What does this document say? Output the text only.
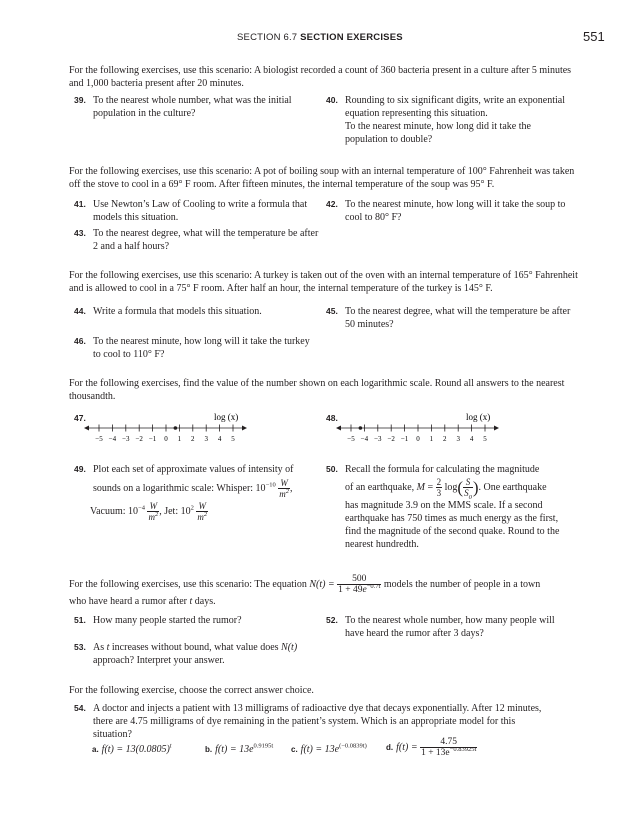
SECTION 6.7 SECTION EXERCISES	551
For the following exercises, use this scenario: A biologist recorded a count of 360 bacteria present in a culture after 5 minutes and 1,000 bacteria present after 20 minutes.
39. To the nearest whole number, what was the initial population in the culture?
40. Rounding to six significant digits, write an exponential equation representing this situation.
To the nearest minute, how long did it take the population to double?
For the following exercises, use this scenario: A pot of boiling soup with an internal temperature of 100° Fahrenheit was taken off the stove to cool in a 69° F room. After fifteen minutes, the internal temperature of the soup was 95° F.
41. Use Newton’s Law of Cooling to write a formula that models this situation.
42. To the nearest minute, how long will it take the soup to cool to 80° F?
43. To the nearest degree, what will the temperature be after 2 and a half hours?
For the following exercises, use this scenario: A turkey is taken out of the oven with an internal temperature of 165° Fahrenheit and is allowed to cool in a 75° F room. After half an hour, the internal temperature of the turkey is 145° F.
44. Write a formula that models this situation.	45. To the nearest degree, what will the temperature be after 50 minutes?
46. To the nearest minute, how long will it take the turkey to cool to 110° F?
For the following exercises, find the value of the number shown on each logarithmic scale. Round all answers to the nearest thousandth.
47.	log (x)
−5 −4 −3 −2 −1 0 1 2 3 4 5
48.	log (x)
−5 −4 −3 −2 −1 0 1 2 3 4 5
49. Plot each set of approximate values of intensity of
sounds on a logarithmic scale: Whisper: $10^{-10} \frac{W}{m^2}$ ,
Vacuum: $10^{-4} \frac{W}{m^2}$ , Jet: $10^2 \frac{W}{m^2}$
50. Recall the formula for calculating the magnitude
of an earthquake, $M = \frac{2}{3} \log( \frac{S}{S_0}$ ). One earthquake
has magnitude 3.9 on the MMS scale. If a second earthquake has 750 times as much energy as the first, find the magnitude of the second quake. Round to the nearest hundredth.
For the following exercises, use this scenario: The equation $N(t) = \frac{500}{1 + 49e^{-0.7t}}$ models the number of people in a town
who have heard a rumor after t days.
51. How many people started the rumor?	52. To the nearest whole number, how many people will have heard the rumor after 3 days?
53. As t increases without bound, what value does N(t)
approach? Interpret your answer.
For the following exercise, choose the correct answer choice.
54. A doctor and injects a patient with 13 milligrams of radioactive dye that decays exponentially. After 12 minutes, there are 4.75 milligrams of dye remaining in the patient’s system. Which is an appropriate model for this situation?
a. $f(t) = 13(0.0805)^t$	b. $f(t) = 13e^{0.9195t}$ c. $f(t) = 13e^{(-0.0839t)}$ d. $f(t) = \frac{4.75}{1 + 13e^{-0.83925t}}$
